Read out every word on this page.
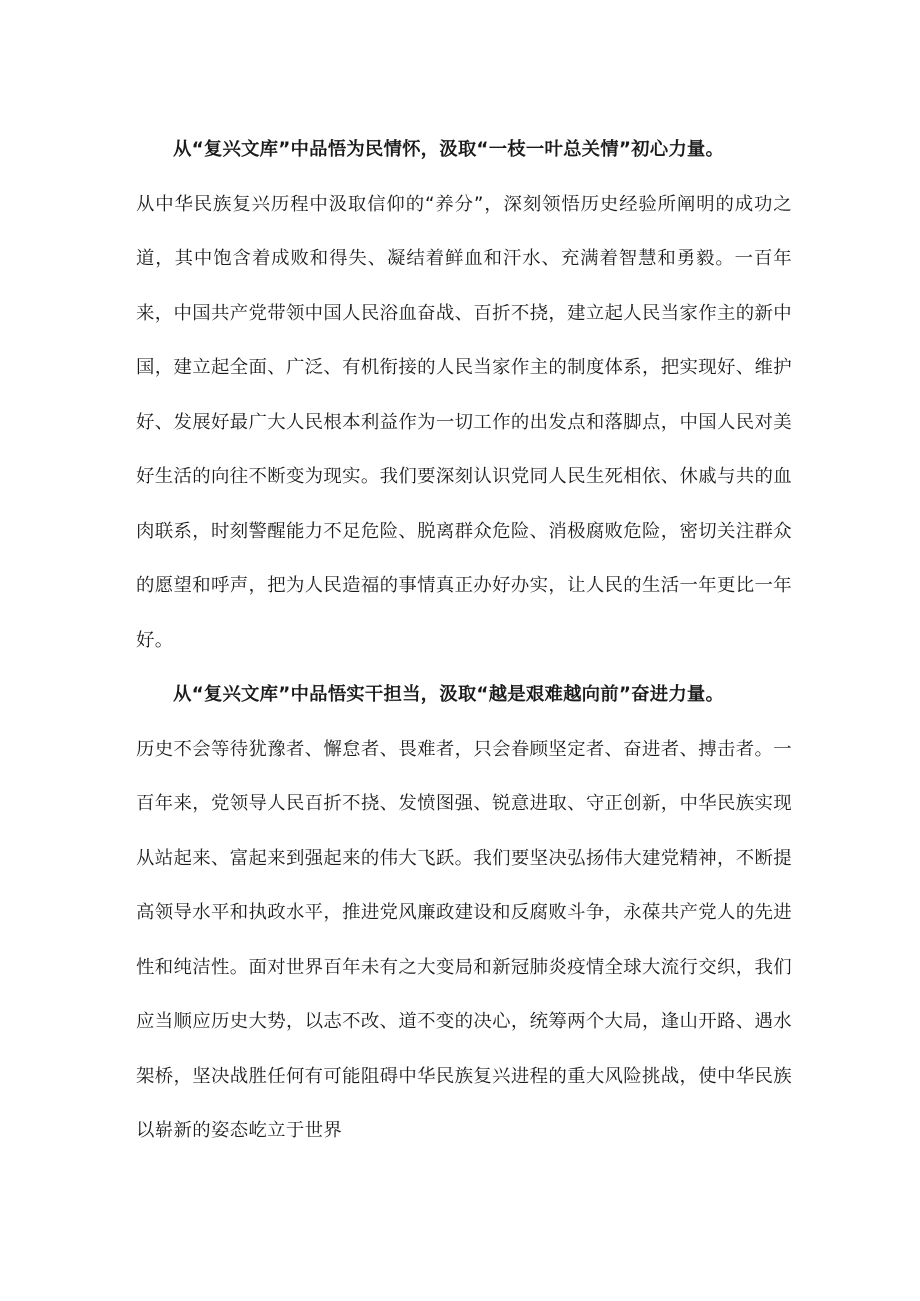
从“复兴文库”中品悟为民情怀，汲取“一枝一叶总关情”初心力量。
从中华民族复兴历程中汲取信仰的“养分”，深刻领悟历史经验所阐明的成功之道，其中饱含着成败和得失、凝结着鲜血和汗水、充满着智慧和勇毅。一百年来，中国共产党带领中国人民浴血奋战、百折不挠，建立起人民当家作主的新中国，建立起全面、广泛、有机衔接的人民当家作主的制度体系，把实现好、维护好、发展好最广大人民根本利益作为一切工作的出发点和落脚点，中国人民对美好生活的向往不断变为现实。我们要深刻认识党同人民生死相依、休戚与共的血肉联系，时刻警醒能力不足危险、脱离群众危险、消极腐败危险，密切关注群众的愿望和呼声，把为人民造福的事情真正办好办实，让人民的生活一年更比一年好。

从“复兴文库”中品悟实干担当，汲取“越是艰难越向前”奋进力量。
历史不会等待犹豫者、懈怠者、畏难者，只会眷顾坚定者、奋进者、搏击者。一百年来，党领导人民百折不挠、发愤图强、锐意进取、守正创新，中华民族实现从站起来、富起来到强起来的伟大飞跃。我们要坚决弘扬伟大建党精神，不断提高领导水平和执政水平，推进党风廉政建设和反腐败斗争，永葆共产党人的先进性和纯洁性。面对世界百年未有之大变局和新冠肺炎疫情全球大流行交织，我们应当顺应历史大势，以志不改、道不变的决心，统筹两个大局，逢山开路、遇水架桥，坚决战胜任何有可能阻碍中华民族复兴进程的重大风险挑战，使中华民族以崭新的姿态屹立于世界
